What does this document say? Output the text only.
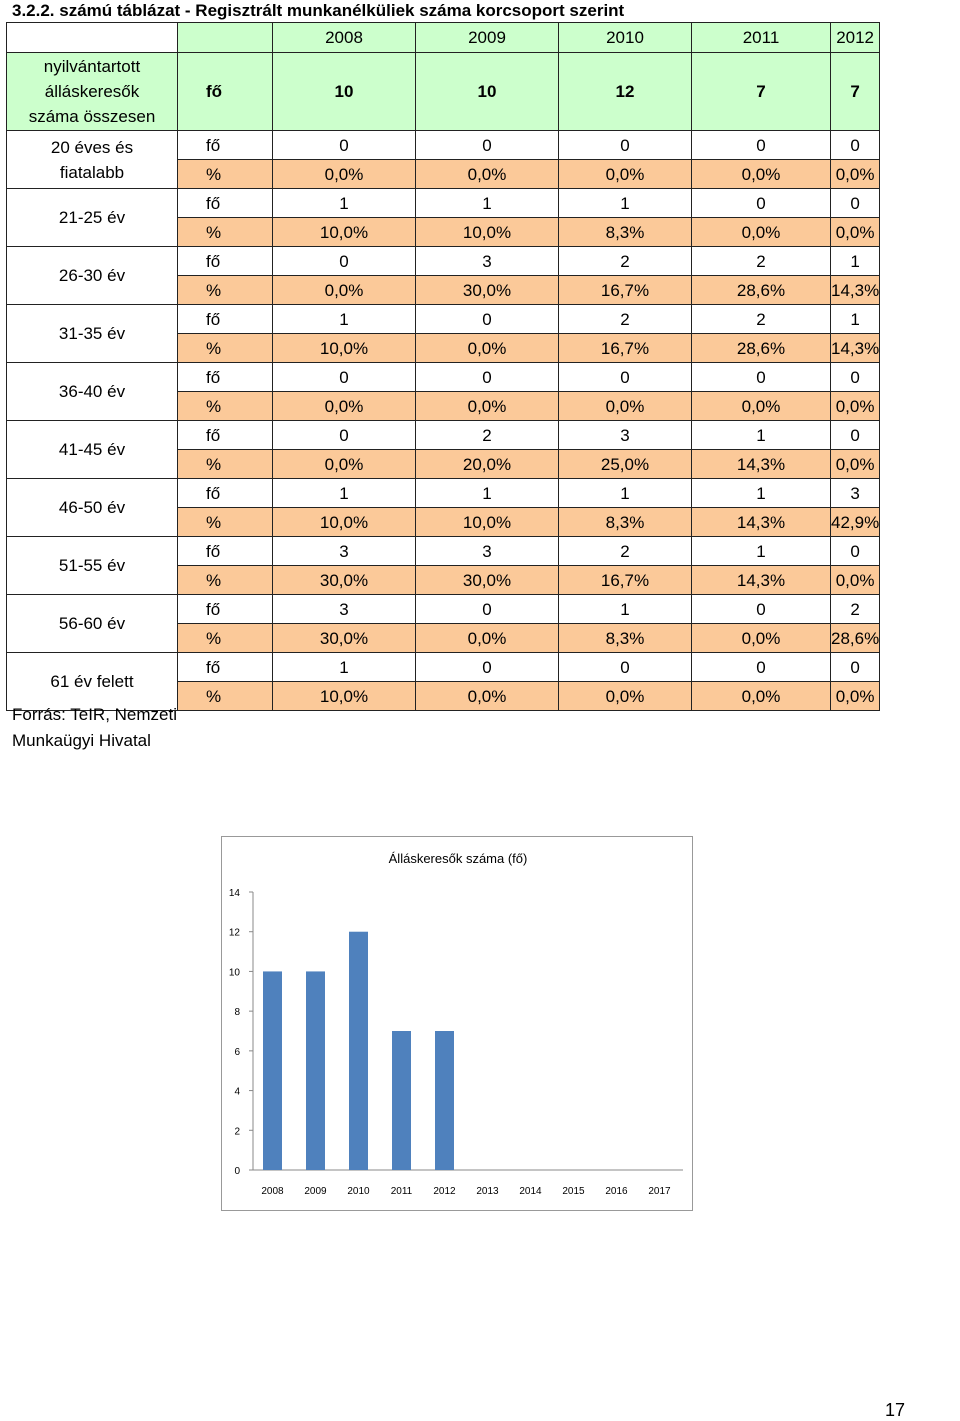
3.2.2. számú táblázat - Regisztrált munkanélküliek száma korcsoport szerint
		2008	2009	2010	2011	2012

nyilvántartott
álláskeresők
száma összesen	fő	10	10	12	7	7

20 éves és
fiatalabb	fő	0	0	0	0	0
	%	0,0%	0,0%	0,0%	0,0%	0,0%

21-25 év	fő	1	1	1	0	0
	%	10,0%	10,0%	8,3%	0,0%	0,0%

26-30 év	fő	0	3	2	2	1
	%	0,0%	30,0%	16,7%	28,6%	14,3%

31-35 év	fő	1	0	2	2	1
	%	10,0%	0,0%	16,7%	28,6%	14,3%

36-40 év	fő	0	0	0	0	0
	%	0,0%	0,0%	0,0%	0,0%	0,0%

41-45 év	fő	0	2	3	1	0
	%	0,0%	20,0%	25,0%	14,3%	0,0%

46-50 év	fő	1	1	1	1	3
	%	10,0%	10,0%	8,3%	14,3%	42,9%

51-55 év	fő	3	3	2	1	0
	%	30,0%	30,0%	16,7%	14,3%	0,0%

56-60 év	fő	3	0	1	0	2
	%	30,0%	0,0%	8,3%	0,0%	28,6%

61 év felett	fő	1	0	0	0	0
	%	10,0%	0,0%	0,0%	0,0%	0,0%
Forrás: TeIR, Nemzeti
Munkaügyi Hivatal
Álláskeresők száma (fő)
0
2
4
6
8
10
12
14
2008 2009 2010 2011 2012 2013 2014 2015 2016 2017
17
